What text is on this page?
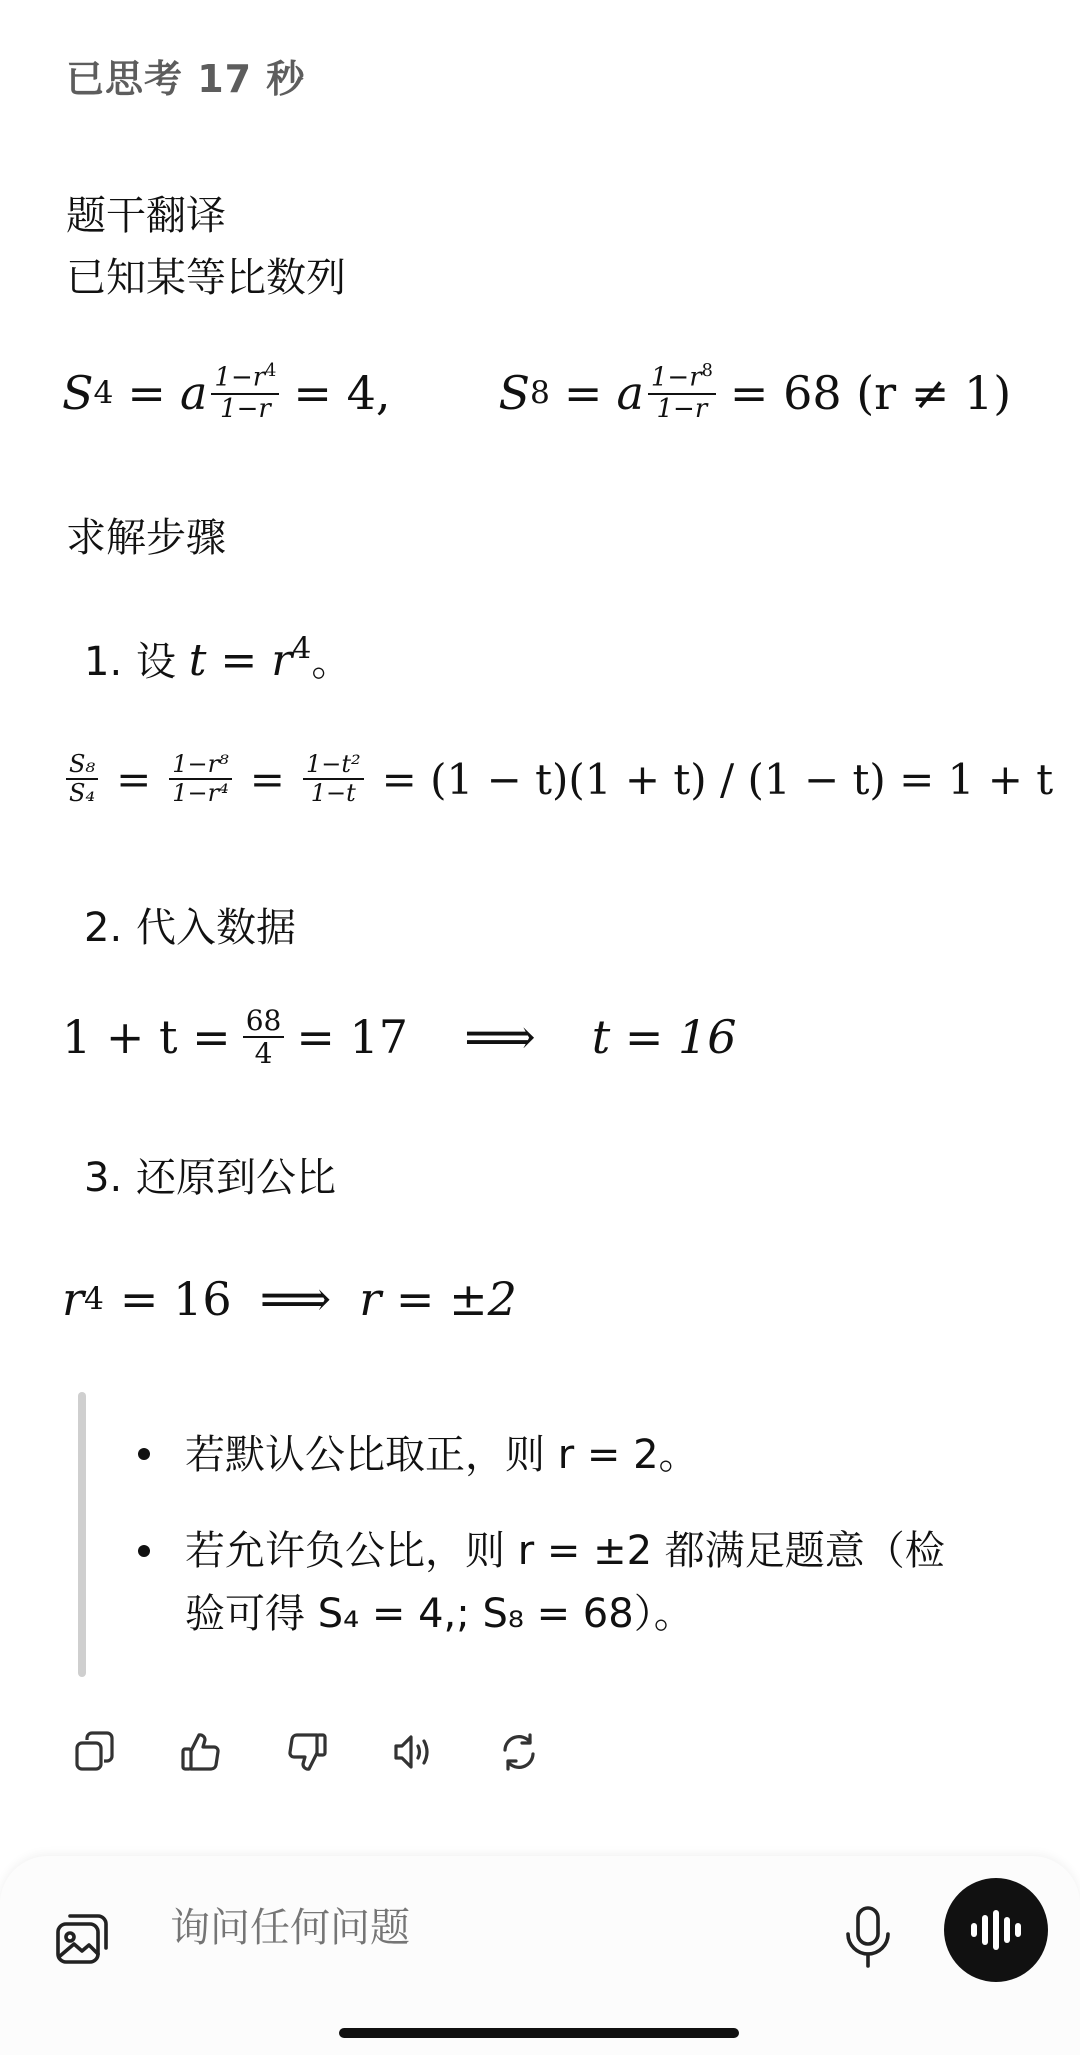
已思考 17 秒
题干翻译
已知某等比数列
S 4 = a $\frac{1-r^4}{1-r} = 4$, S 8 = a $\frac{1-r^8}{1-r} = 68$ (r ≠ 1)
求解步骤
1. 设 $t = r^4$。
$\frac{\text{S₈}}{\text{S₄}} = \frac{\text{1−r⁸}}{\text{1−r⁴}} = \frac{\text{1−t²}}{1-t} = (1 - t)(1 + t) / (1 - t) = 1 + t$
2. 代入数据
$1 + t = \frac{68}{4} = 17$ ⟹ t = 16
3. 还原到公比
r 4 = 16 ⟹ r = ±2
若默认公比取正，则 r = 2。
若允许负公比，则 r = ±2 都满足题意（检
验可得 S₄ = 4,; S₈ = 68）。
询问任何问题
